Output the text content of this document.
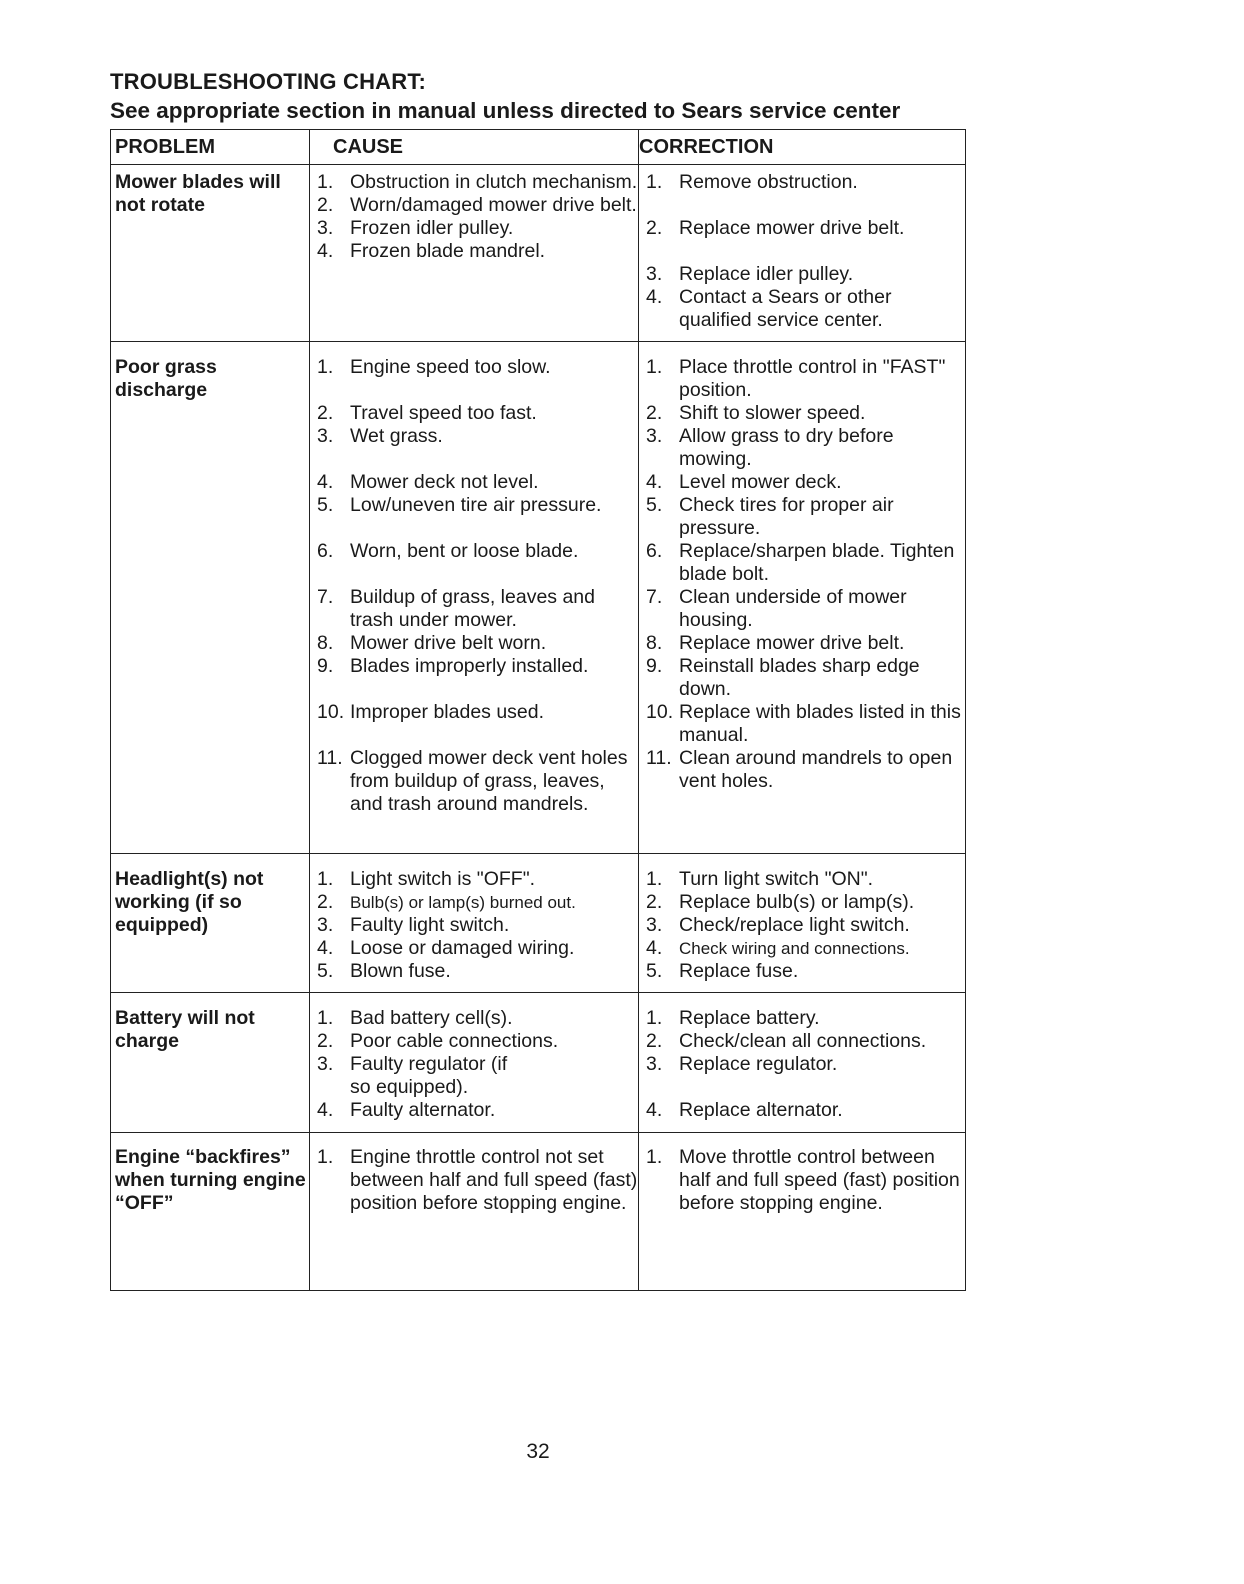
TROUBLESHOOTING CHART:
See appropriate section in manual unless directed to Sears service center
PROBLEM	CAUSE	CORRECTION
Mower blades will not rotate
1. Obstruction in clutch mechanism.
2. Worn/damaged mower drive belt.
3. Frozen idler pulley.
4. Frozen blade mandrel.
1. Remove obstruction.
2. Replace mower drive belt.
3. Replace idler pulley.
4. Contact a Sears or other qualified service center.
Poor grass discharge
1. Engine speed too slow.
2. Travel speed too fast.
3. Wet grass.
4. Mower deck not level.
5. Low/uneven tire air pressure.
6. Worn, bent or loose blade.
7. Buildup of grass, leaves and trash under mower.
8. Mower drive belt worn.
9. Blades improperly installed.
10. Improper blades used.
11. Clogged mower deck vent holes from buildup of grass, leaves, and trash around mandrels.
1. Place throttle control in "FAST" position.
2. Shift to slower speed.
3. Allow grass to dry before mowing.
4. Level mower deck.
5. Check tires for proper air pressure.
6. Replace/sharpen blade. Tighten blade bolt.
7. Clean underside of mower housing.
8. Replace mower drive belt.
9. Reinstall blades sharp edge down.
10. Replace with blades listed in this manual.
11. Clean around mandrels to open vent holes.
Headlight(s) not working (if so equipped)
1. Light switch is "OFF".
2. Bulb(s) or lamp(s) burned out.
3. Faulty light switch.
4. Loose or damaged wiring.
5. Blown fuse.
1. Turn light switch "ON".
2. Replace bulb(s) or lamp(s).
3. Check/replace light switch.
4. Check wiring and connections.
5. Replace fuse.
Battery will not charge
1. Bad battery cell(s).
2. Poor cable connections.
3. Faulty regulator (if so equipped).
4. Faulty alternator.
1. Replace battery.
2. Check/clean all connections.
3. Replace regulator.
4. Replace alternator.
Engine “backfires” when turning engine “OFF”
1. Engine throttle control not set between half and full speed (fast) position before stopping engine.
1. Move throttle control between half and full speed (fast) position before stopping engine.
32
